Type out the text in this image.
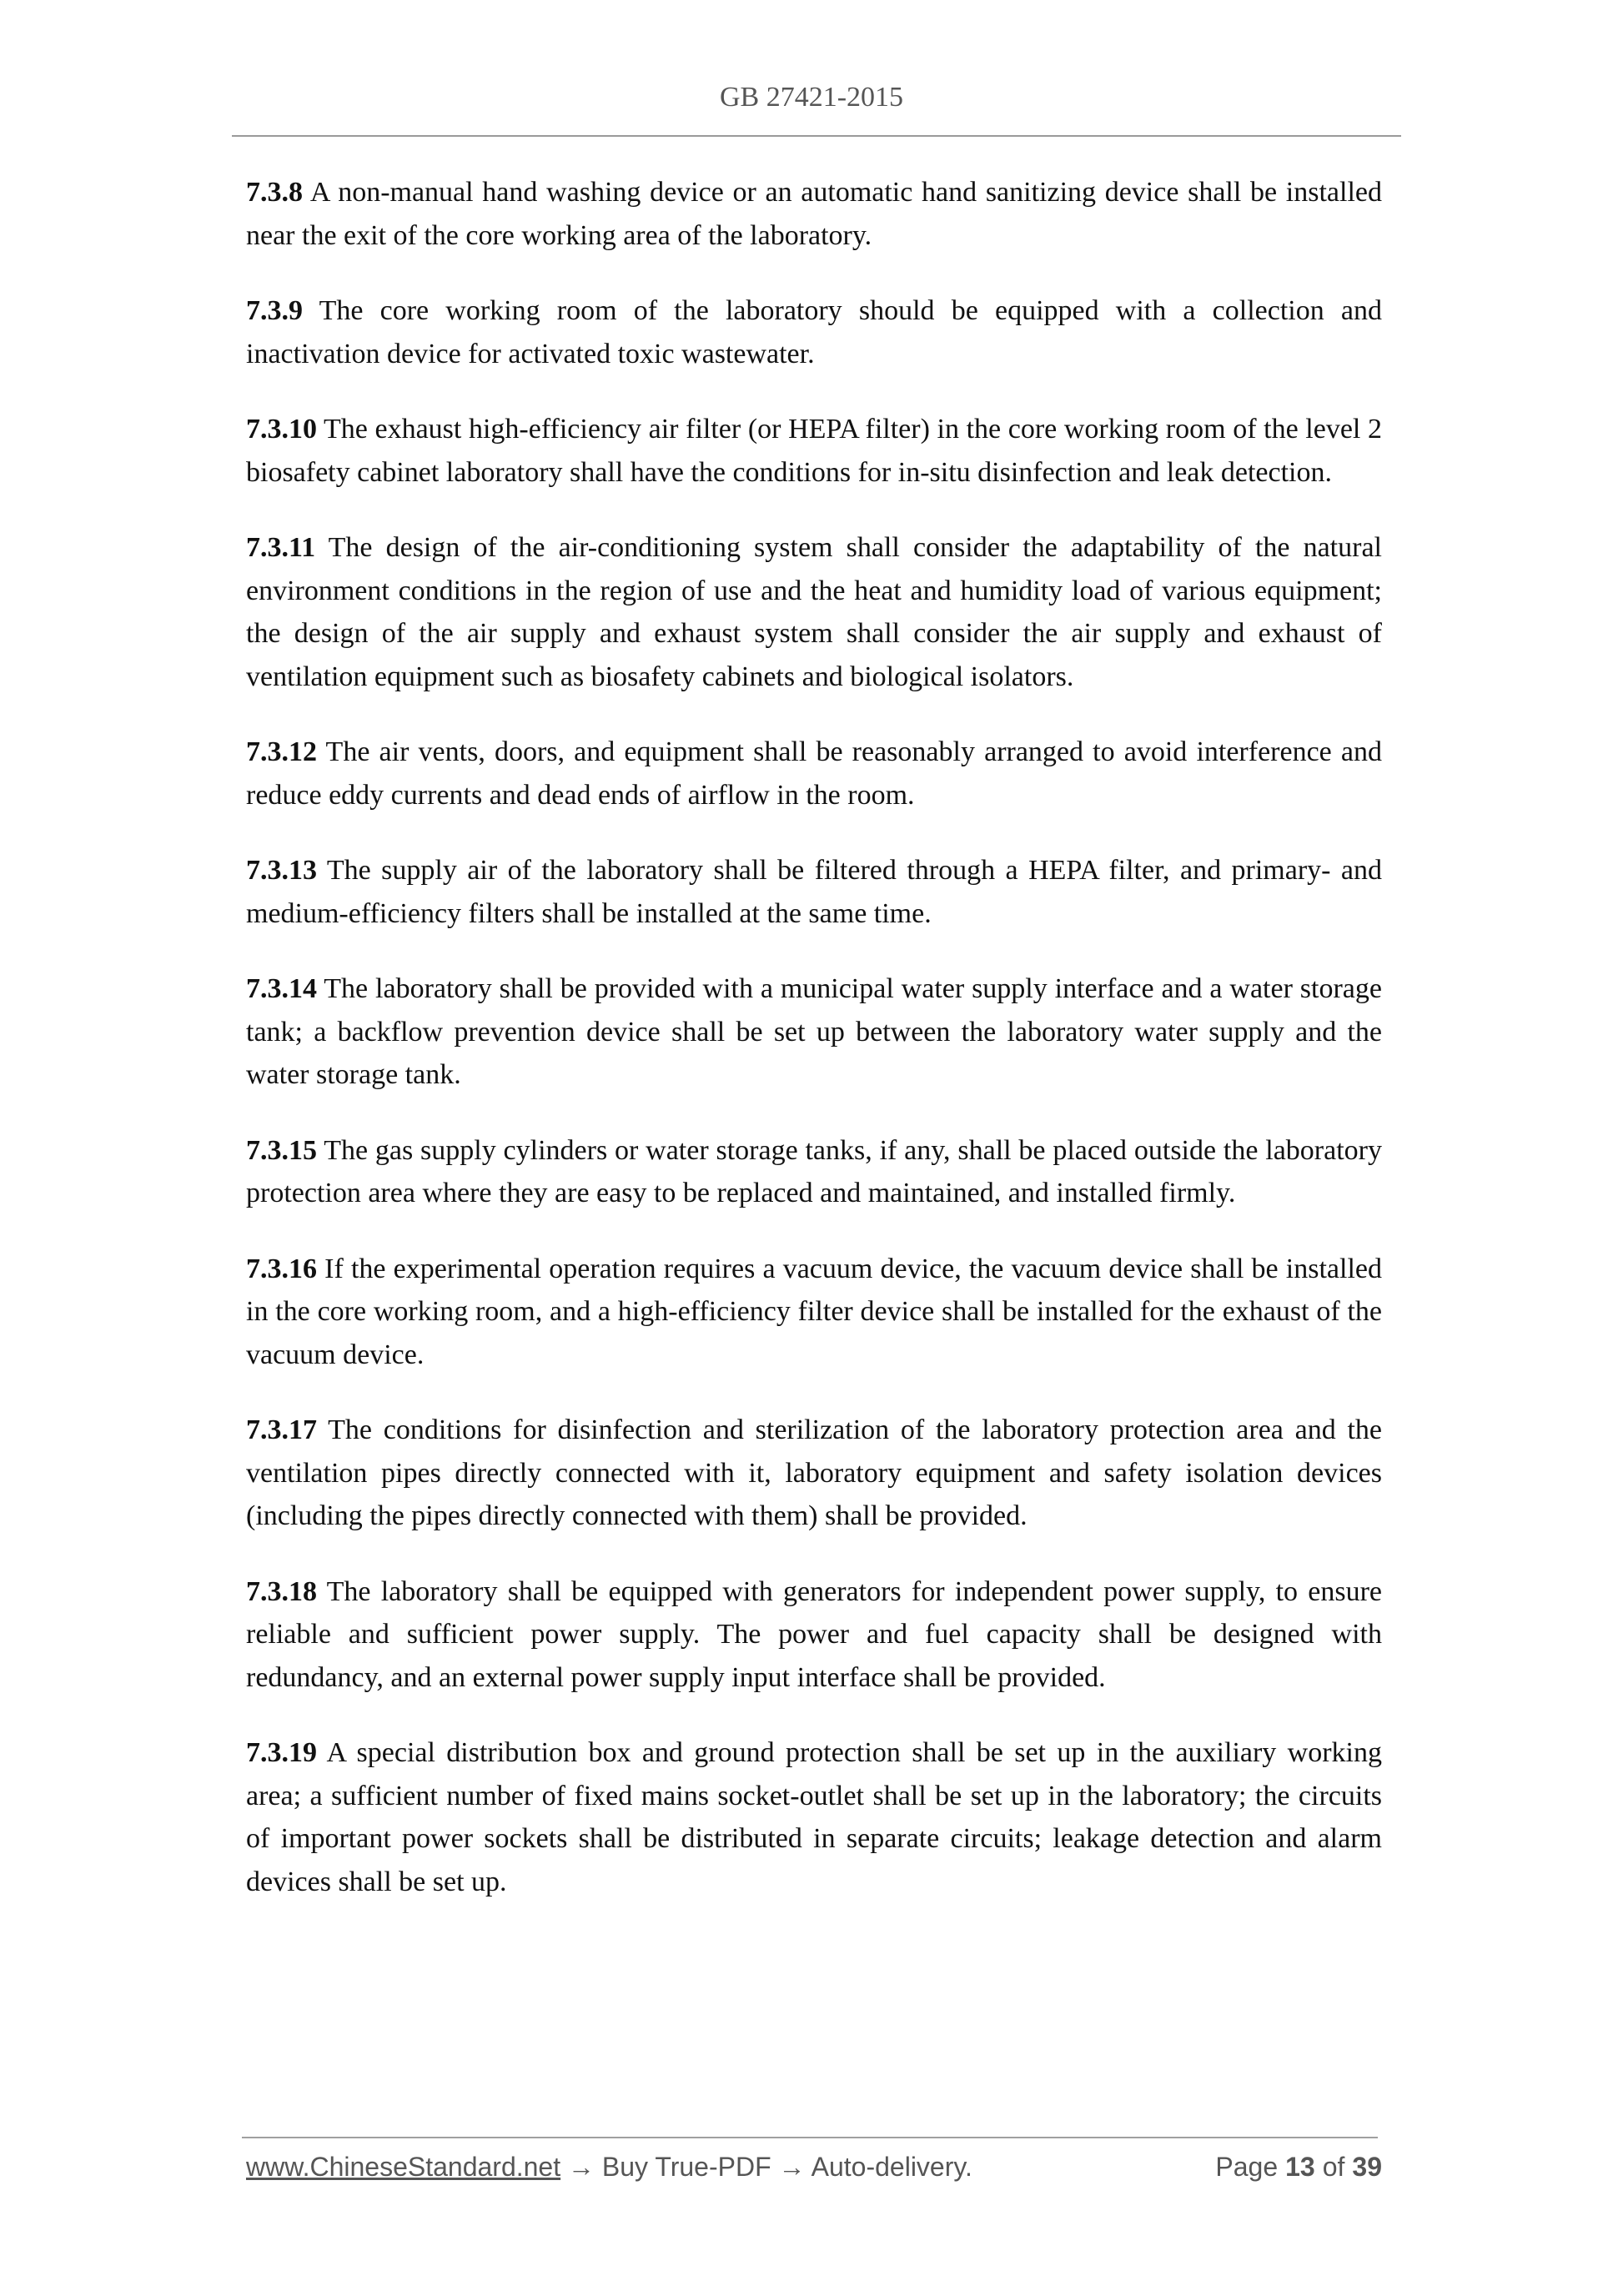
GB 27421-2015

7.3.8 A non-manual hand washing device or an automatic hand sanitizing device shall be installed near the exit of the core working area of the laboratory.

7.3.9 The core working room of the laboratory should be equipped with a collection and inactivation device for activated toxic wastewater.

7.3.10 The exhaust high-efficiency air filter (or HEPA filter) in the core working room of the level 2 biosafety cabinet laboratory shall have the conditions for in-situ disinfection and leak detection.

7.3.11 The design of the air-conditioning system shall consider the adaptability of the natural environment conditions in the region of use and the heat and humidity load of various equipment; the design of the air supply and exhaust system shall consider the air supply and exhaust of ventilation equipment such as biosafety cabinets and biological isolators.

7.3.12 The air vents, doors, and equipment shall be reasonably arranged to avoid interference and reduce eddy currents and dead ends of airflow in the room.

7.3.13 The supply air of the laboratory shall be filtered through a HEPA filter, and primary- and medium-efficiency filters shall be installed at the same time.

7.3.14 The laboratory shall be provided with a municipal water supply interface and a water storage tank; a backflow prevention device shall be set up between the laboratory water supply and the water storage tank.

7.3.15 The gas supply cylinders or water storage tanks, if any, shall be placed outside the laboratory protection area where they are easy to be replaced and maintained, and installed firmly.

7.3.16 If the experimental operation requires a vacuum device, the vacuum device shall be installed in the core working room, and a high-efficiency filter device shall be installed for the exhaust of the vacuum device.

7.3.17 The conditions for disinfection and sterilization of the laboratory protection area and the ventilation pipes directly connected with it, laboratory equipment and safety isolation devices (including the pipes directly connected with them) shall be provided.

7.3.18 The laboratory shall be equipped with generators for independent power supply, to ensure reliable and sufficient power supply. The power and fuel capacity shall be designed with redundancy, and an external power supply input interface shall be provided.

7.3.19 A special distribution box and ground protection shall be set up in the auxiliary working area; a sufficient number of fixed mains socket-outlet shall be set up in the laboratory; the circuits of important power sockets shall be distributed in separate circuits; leakage detection and alarm devices shall be set up.

www.ChineseStandard.net → Buy True-PDF → Auto-delivery.	Page 13 of 39
